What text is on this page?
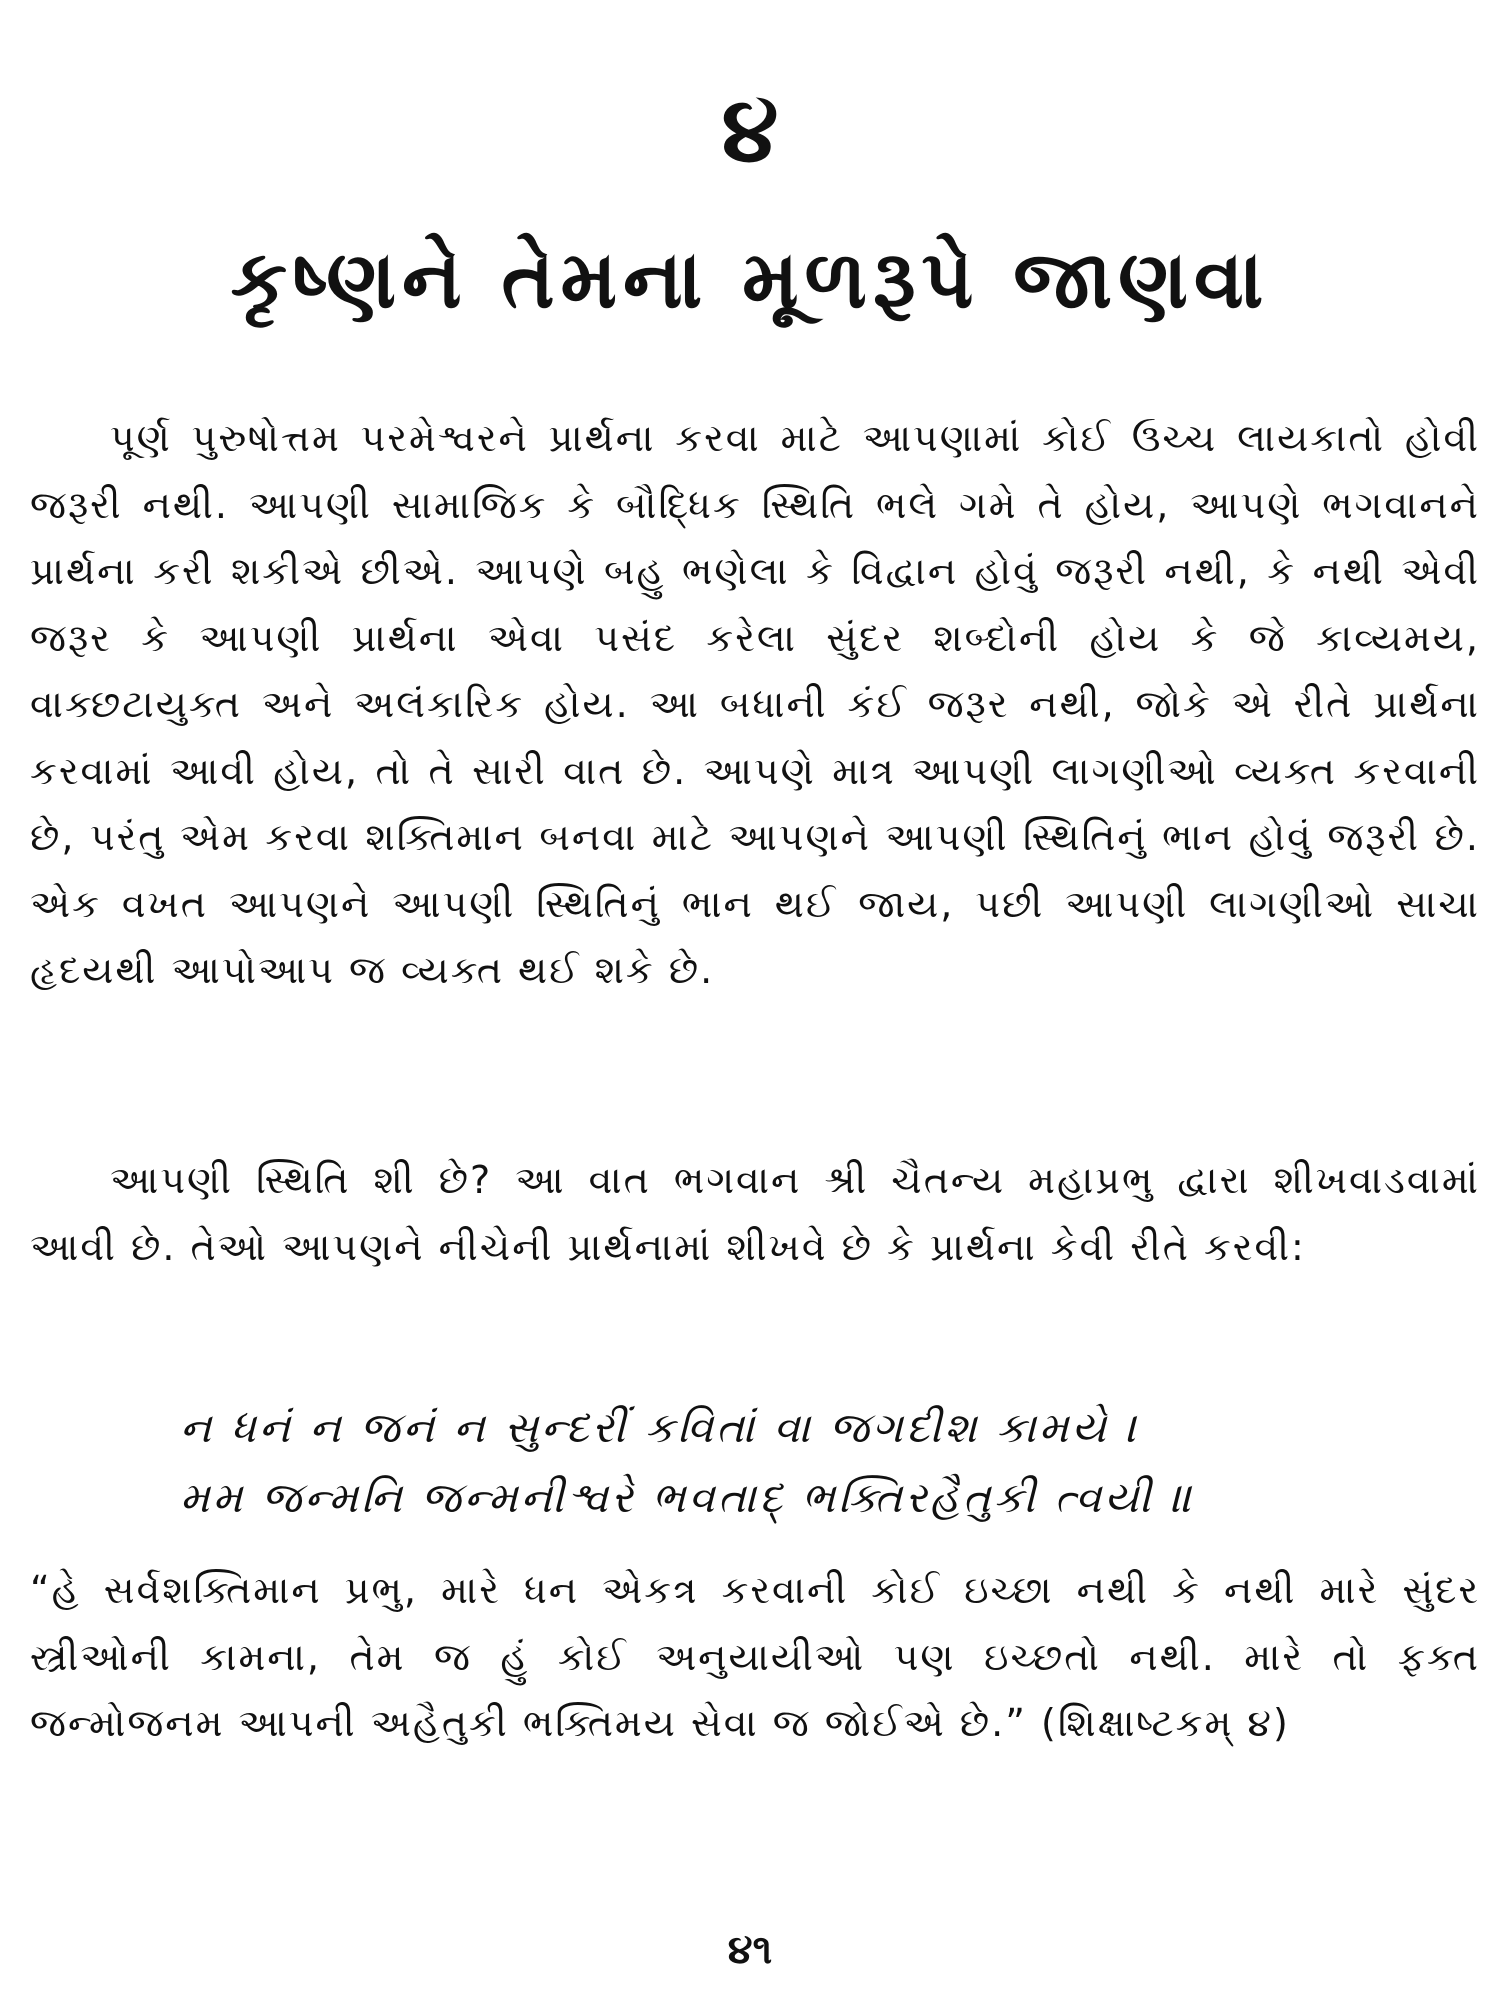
૪
કૃષ્ણને તેમના મૂળરૂપે જાણવા

પૂર્ણ પુરુષોત્તમ પરમેશ્વરને પ્રાર્થના કરવા માટે આપણામાં કોઈ ઉચ્ચ લાયકાતો હોવી જરૂરી નથી. આપણી સામાજિક કે બૌદ્ધિક સ્થિતિ ભલે ગમે તે હોય, આપણે ભગવાનને પ્રાર્થના કરી શકીએ છીએ. આપણે બહુ ભણેલા કે વિદ્વાન હોવું જરૂરી નથી, કે નથી એવી જરૂર કે આપણી પ્રાર્થના એવા પસંદ કરેલા સુંદર શબ્દોની હોય કે જે કાવ્યમય, વાક્છટાયુક્ત અને અલંકારિક હોય. આ બધાની કંઈ જરૂર નથી, જોકે એ રીતે પ્રાર્થના કરવામાં આવી હોય, તો તે સારી વાત છે. આપણે માત્ર આપણી લાગણીઓ વ્યક્ત કરવાની છે, પરંતુ એમ કરવા શક્તિમાન બનવા માટે આપણને આપણી સ્થિતિનું ભાન હોવું જરૂરી છે. એક વખત આપણને આપણી સ્થિતિનું ભાન થઈ જાય, પછી આપણી લાગણીઓ સાચા હૃદયથી આપોઆપ જ વ્યક્ત થઈ શકે છે.

આપણી સ્થિતિ શી છે? આ વાત ભગવાન શ્રી ચૈતન્ય મહાપ્રભુ દ્વારા શીખવાડવામાં આવી છે. તેઓ આપણને નીચેની પ્રાર્થનામાં શીખવે છે કે પ્રાર્થના કેવી રીતે કરવી:

ન ધનં ન જનં ન સુન્દરીં કવિતાં વા જગદીશ કામયે ।
મમ જન્મનિ જન્મનીશ્વરે ભવતાદ્ ભક્તિરહૈતુકી ત્વયી ॥

“હે સર્વશક્તિમાન પ્રભુ, મારે ધન એકત્ર કરવાની કોઈ ઇચ્છા નથી કે નથી મારે સુંદર સ્ત્રીઓની કામના, તેમ જ હું કોઈ અનુયાયીઓ પણ ઇચ્છતો નથી. મારે તો ફક્ત જન્મોજનમ આપની અહૈતુકી ભક્તિમય સેવા જ જોઈએ છે.” (શિક્ષાષ્ટકમ્ ૪)

૪૧
